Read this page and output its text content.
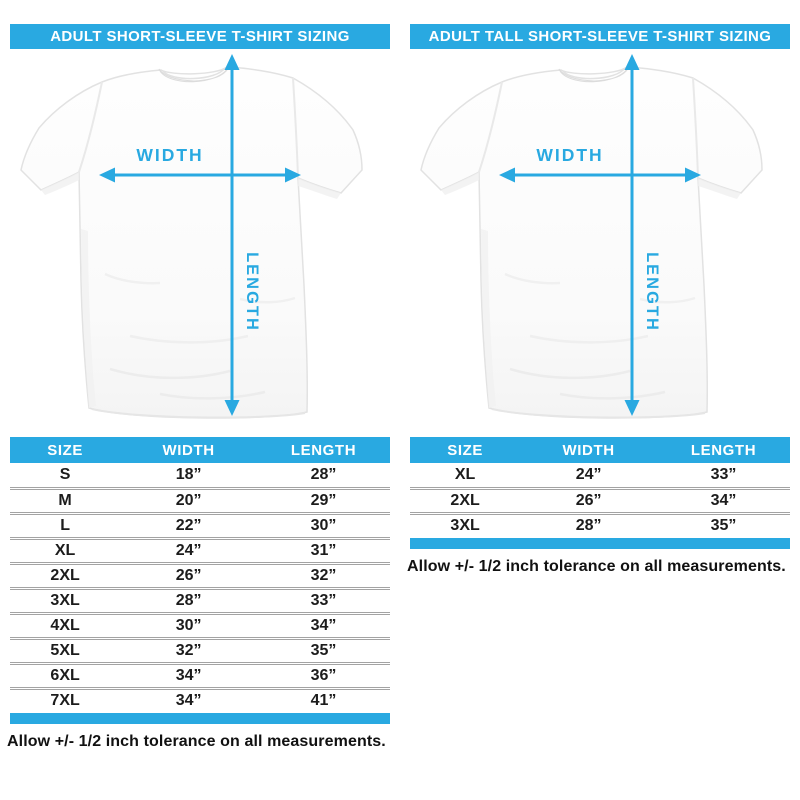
ADULT SHORT-SLEEVE T-SHIRT SIZING
WIDTH
LENGTH
SIZE	WIDTH	LENGTH
S	18”	28”
M	20”	29”
L	22”	30”
XL	24”	31”
2XL	26”	32”
3XL	28”	33”
4XL	30”	34”
5XL	32”	35”
6XL	34”	36”
7XL	34”	41”

Allow +/- 1/2 inch tolerance on all measurements.

ADULT TALL SHORT-SLEEVE T-SHIRT SIZING
WIDTH
LENGTH
SIZE	WIDTH	LENGTH
XL	24”	33”
2XL	26”	34”
3XL	28”	35”

Allow +/- 1/2 inch tolerance on all measurements.
